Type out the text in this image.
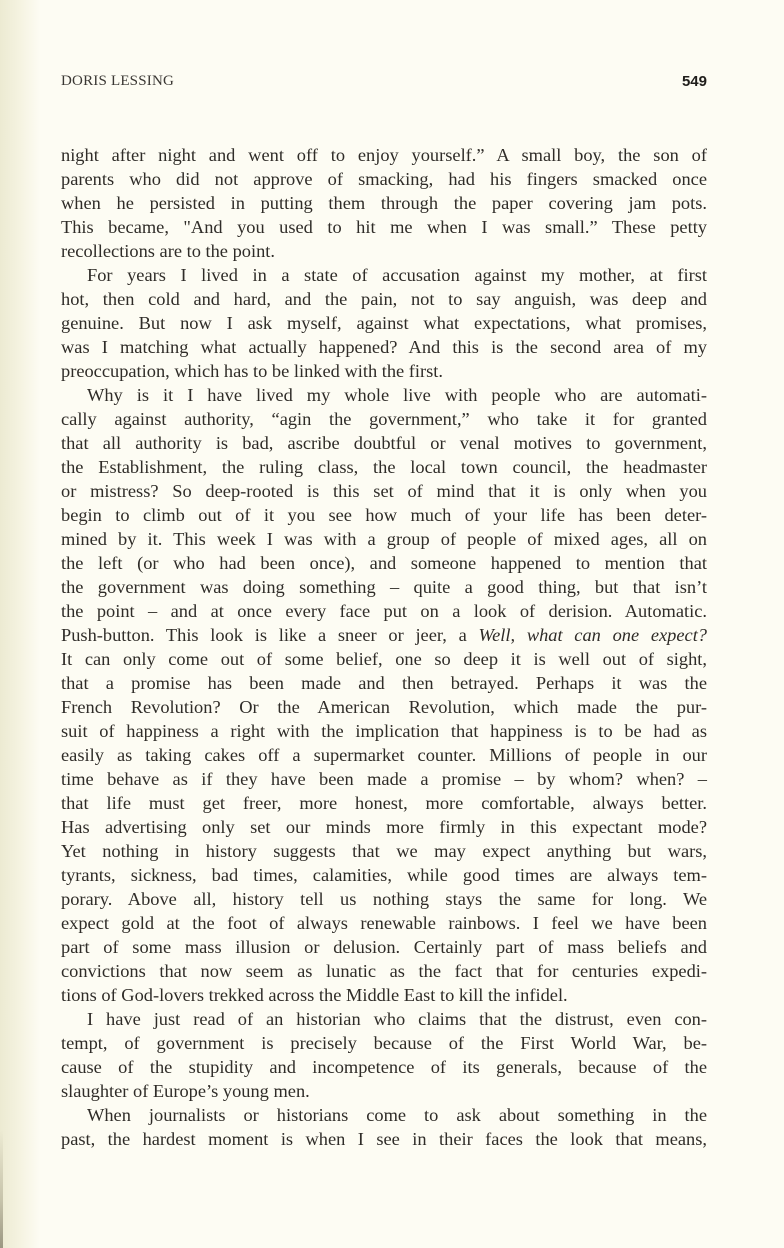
DORIS LESSING	549
night after night and went off to enjoy yourself.” A small boy, the son of
parents who did not approve of smacking, had his fingers smacked once
when he persisted in putting them through the paper covering jam pots.
This became, "And you used to hit me when I was small.” These petty
recollections are to the point.
For years I lived in a state of accusation against my mother, at first
hot, then cold and hard, and the pain, not to say anguish, was deep and
genuine. But now I ask myself, against what expectations, what promises,
was I matching what actually happened? And this is the second area of my
preoccupation, which has to be linked with the first.
Why is it I have lived my whole live with people who are automati-
cally against authority, “agin the government,” who take it for granted
that all authority is bad, ascribe doubtful or venal motives to government,
the Establishment, the ruling class, the local town council, the headmaster
or mistress? So deep-rooted is this set of mind that it is only when you
begin to climb out of it you see how much of your life has been deter-
mined by it. This week I was with a group of people of mixed ages, all on
the left (or who had been once), and someone happened to mention that
the government was doing something – quite a good thing, but that isn’t
the point – and at once every face put on a look of derision. Automatic.
Push-button. This look is like a sneer or jeer, a Well, what can one expect?
It can only come out of some belief, one so deep it is well out of sight,
that a promise has been made and then betrayed. Perhaps it was the
French Revolution? Or the American Revolution, which made the pur-
suit of happiness a right with the implication that happiness is to be had as
easily as taking cakes off a supermarket counter. Millions of people in our
time behave as if they have been made a promise – by whom? when? –
that life must get freer, more honest, more comfortable, always better.
Has advertising only set our minds more firmly in this expectant mode?
Yet nothing in history suggests that we may expect anything but wars,
tyrants, sickness, bad times, calamities, while good times are always tem-
porary. Above all, history tell us nothing stays the same for long. We
expect gold at the foot of always renewable rainbows. I feel we have been
part of some mass illusion or delusion. Certainly part of mass beliefs and
convictions that now seem as lunatic as the fact that for centuries expedi-
tions of God-lovers trekked across the Middle East to kill the infidel.
I have just read of an historian who claims that the distrust, even con-
tempt, of government is precisely because of the First World War, be-
cause of the stupidity and incompetence of its generals, because of the
slaughter of Europe’s young men.
When journalists or historians come to ask about something in the
past, the hardest moment is when I see in their faces the look that means,
